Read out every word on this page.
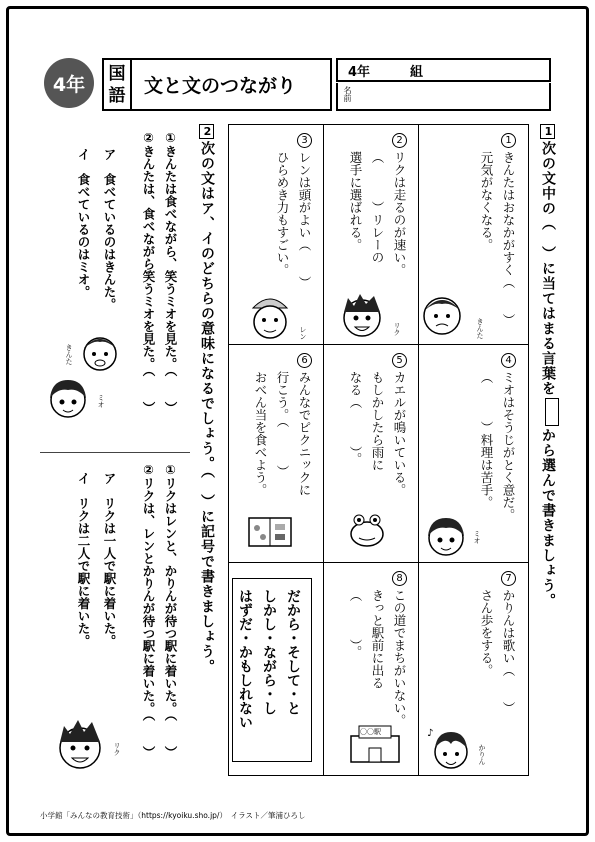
4年	国
語 文と文のつながり
4年	組
名前
1次の文中の（　）に当てはまる言葉をから選んで書きましょう。
1きんたはおなかがすく（　　）
元気がなくなる。
2リクは走るのが速い。
（　　　）リレーの
選手に選ばれる。
3レンは頭がよい（　　）
ひらめき力もすごい。
4ミオはそうじがとく意だ。
（　　　）料理は苦手。
5カエルが鳴いている。
もしかしたら雨に
なる（　　　）。
6みんなでピクニックに
行こう。（　　　）
おべん当を食べよう。
7かりんは歌い（　　）
さん歩をする。
8この道でまちがいない。
きっと駅前に出る
（　　　）。
だから・そして・と
しかし・ながら・し
はずだ・かもしれない
きんた
リク
レン
ミオ
〇〇駅	♪
かりん
2次の文はア、イのどちらの意味になるでしょう。（　）に記号で書きましょう。
①きんたは食べながら、笑うミオを見た。（　　）
②きんたは、食べながら笑うミオを見た。（　　）
ア　食べているのはきんた。
イ　食べているのはミオ。
きんた
ミオ
①リクはレンと、かりんが待つ駅に着いた。（　　）
②リクは、レンとかりんが待つ駅に着いた。（　　）
ア　リクは一人で駅に着いた。
イ　リクは二人で駅に着いた。
リク
小学館「みんなの教育技術」（https://kyoiku.sho.jp/）　イラスト／筆浦ひろし
